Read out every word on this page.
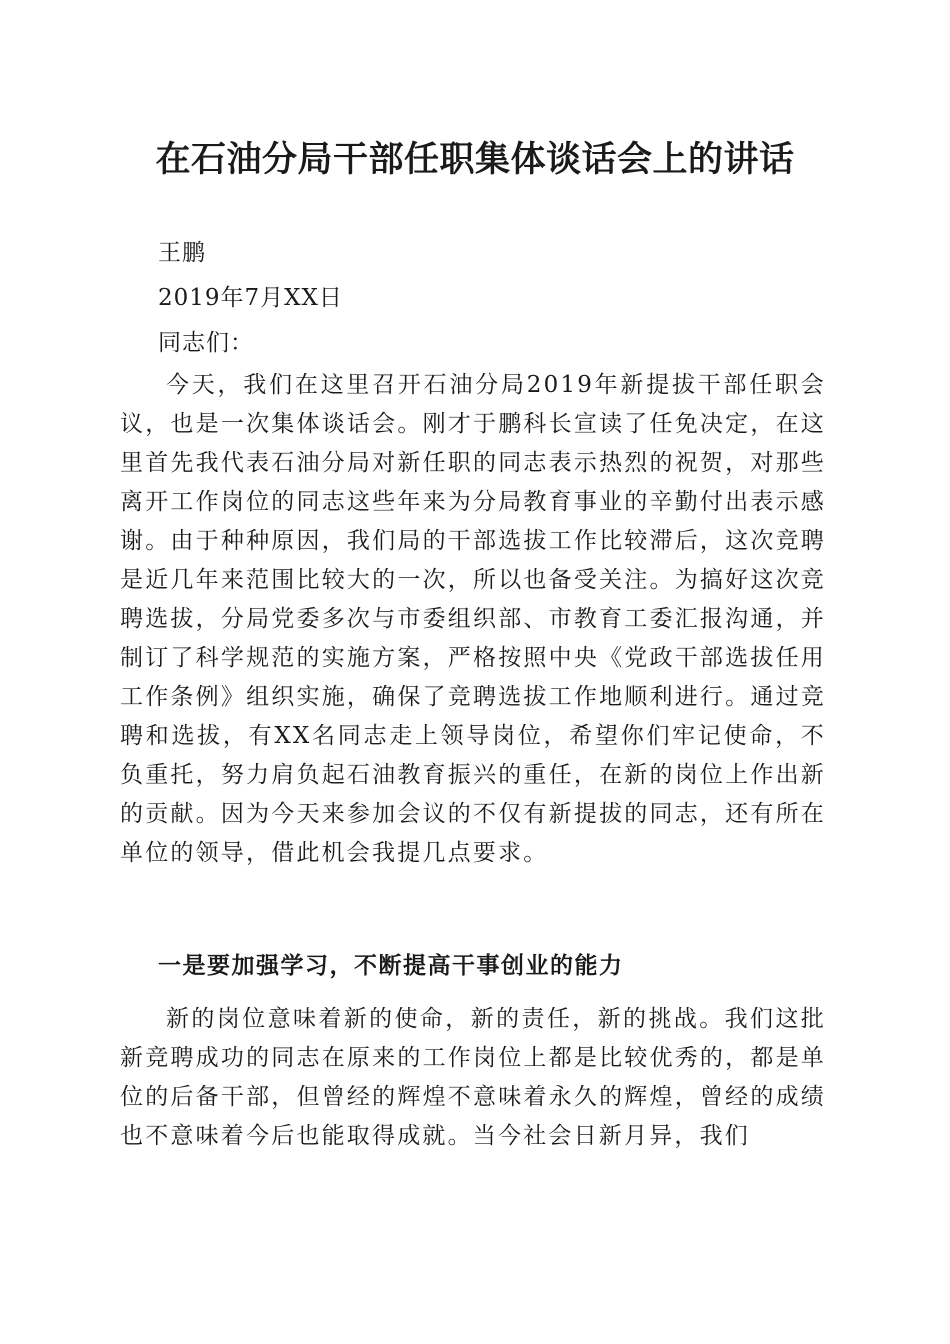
在石油分局干部任职集体谈话会上的讲话
王鹏
2019年7月XX日
同志们：

今天，我们在这里召开石油分局2019年新提拔干部任职会议，也是一次集体谈话会。刚才于鹏科长宣读了任免决定，在这里首先我代表石油分局对新任职的同志表示热烈的祝贺，对那些离开工作岗位的同志这些年来为分局教育事业的辛勤付出表示感谢。由于种种原因，我们局的干部选拔工作比较滞后，这次竞聘是近几年来范围比较大的一次，所以也备受关注。为搞好这次竞聘选拔，分局党委多次与市委组织部、市教育工委汇报沟通，并制订了科学规范的实施方案，严格按照中央《党政干部选拔任用工作条例》组织实施，确保了竞聘选拔工作地顺利进行。通过竞聘和选拔，有XX名同志走上领导岗位，希望你们牢记使命，不负重托，努力肩负起石油教育振兴的重任，在新的岗位上作出新的贡献。因为今天来参加会议的不仅有新提拔的同志，还有所在单位的领导，借此机会我提几点要求。

一是要加强学习，不断提高干事创业的能力

新的岗位意味着新的使命，新的责任，新的挑战。我们这批新竞聘成功的同志在原来的工作岗位上都是比较优秀的，都是单位的后备干部，但曾经的辉煌不意味着永久的辉煌，曾经的成绩也不意味着今后也能取得成就。当今社会日新月异，我们
